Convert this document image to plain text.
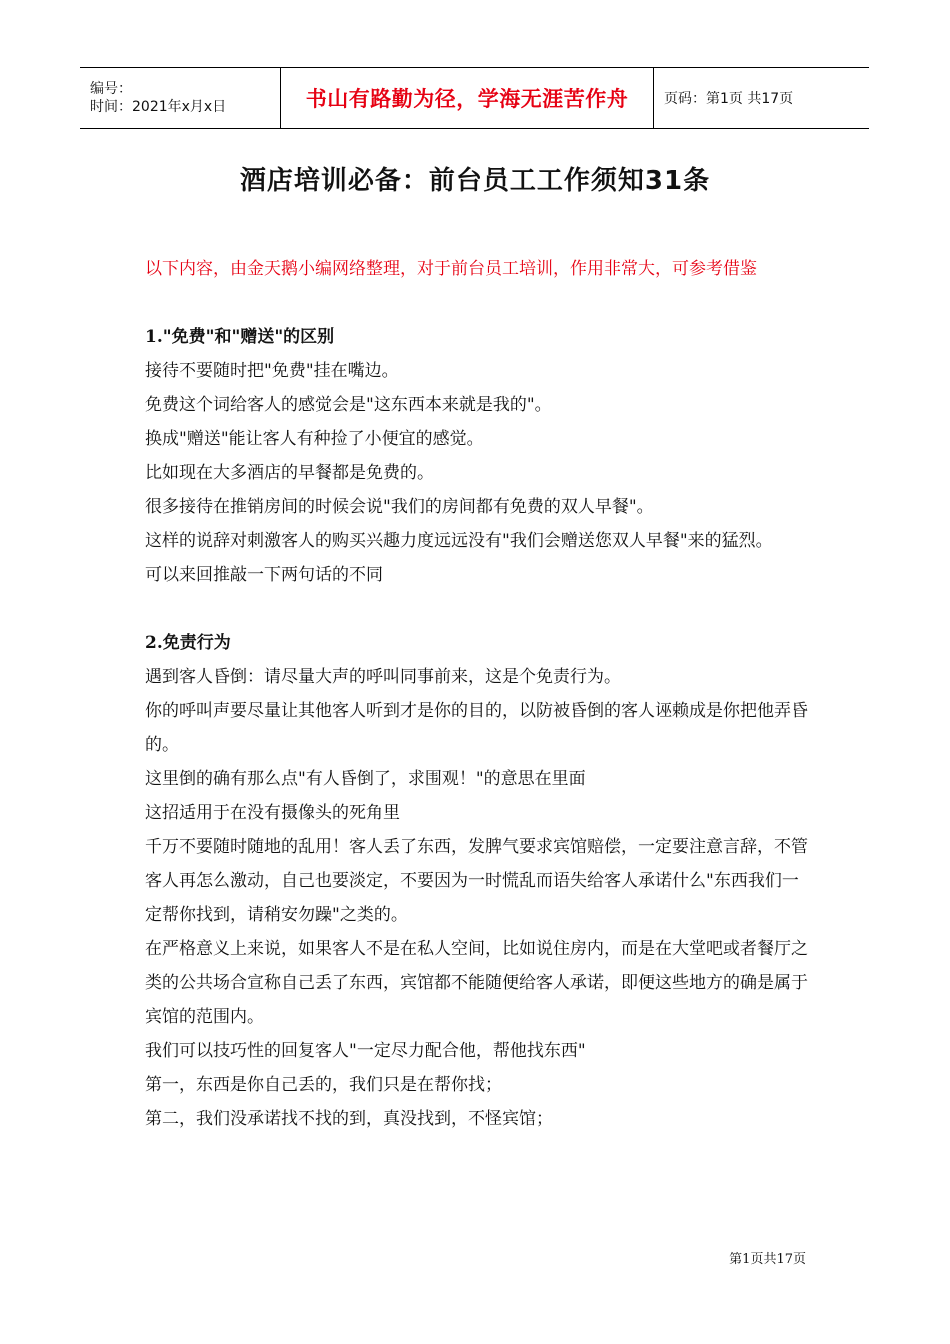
编号：
时间：2021年x月x日	书山有路勤为径，学海无涯苦作舟	页码：第1页 共17页
酒店培训必备：前台员工工作须知31条
以下内容，由金天鹅小编网络整理，对于前台员工培训，作用非常大，可参考借鉴

1."免费"和"赠送"的区别

接待不要随时把"免费"挂在嘴边。

免费这个词给客人的感觉会是"这东西本来就是我的"。

换成"赠送"能让客人有种捡了小便宜的感觉。

比如现在大多酒店的早餐都是免费的。

很多接待在推销房间的时候会说"我们的房间都有免费的双人早餐"。

这样的说辞对刺激客人的购买兴趣力度远远没有"我们会赠送您双人早餐"来的猛烈。

可以来回推敲一下两句话的不同

2.免责行为

遇到客人昏倒：请尽量大声的呼叫同事前来，这是个免责行为。

你的呼叫声要尽量让其他客人听到才是你的目的，以防被昏倒的客人诬赖成是你把他弄昏的。

这里倒的确有那么点"有人昏倒了，求围观！"的意思在里面

这招适用于在没有摄像头的死角里

千万不要随时随地的乱用！客人丢了东西，发脾气要求宾馆赔偿，一定要注意言辞，不管客人再怎么激动，自己也要淡定，不要因为一时慌乱而语失给客人承诺什么"东西我们一定帮你找到，请稍安勿躁"之类的。

在严格意义上来说，如果客人不是在私人空间，比如说住房内，而是在大堂吧或者餐厅之类的公共场合宣称自己丢了东西，宾馆都不能随便给客人承诺，即便这些地方的确是属于宾馆的范围内。

我们可以技巧性的回复客人"一定尽力配合他，帮他找东西"

第一，东西是你自己丢的，我们只是在帮你找；

第二，我们没承诺找不找的到，真没找到，不怪宾馆；

第1页共17页
